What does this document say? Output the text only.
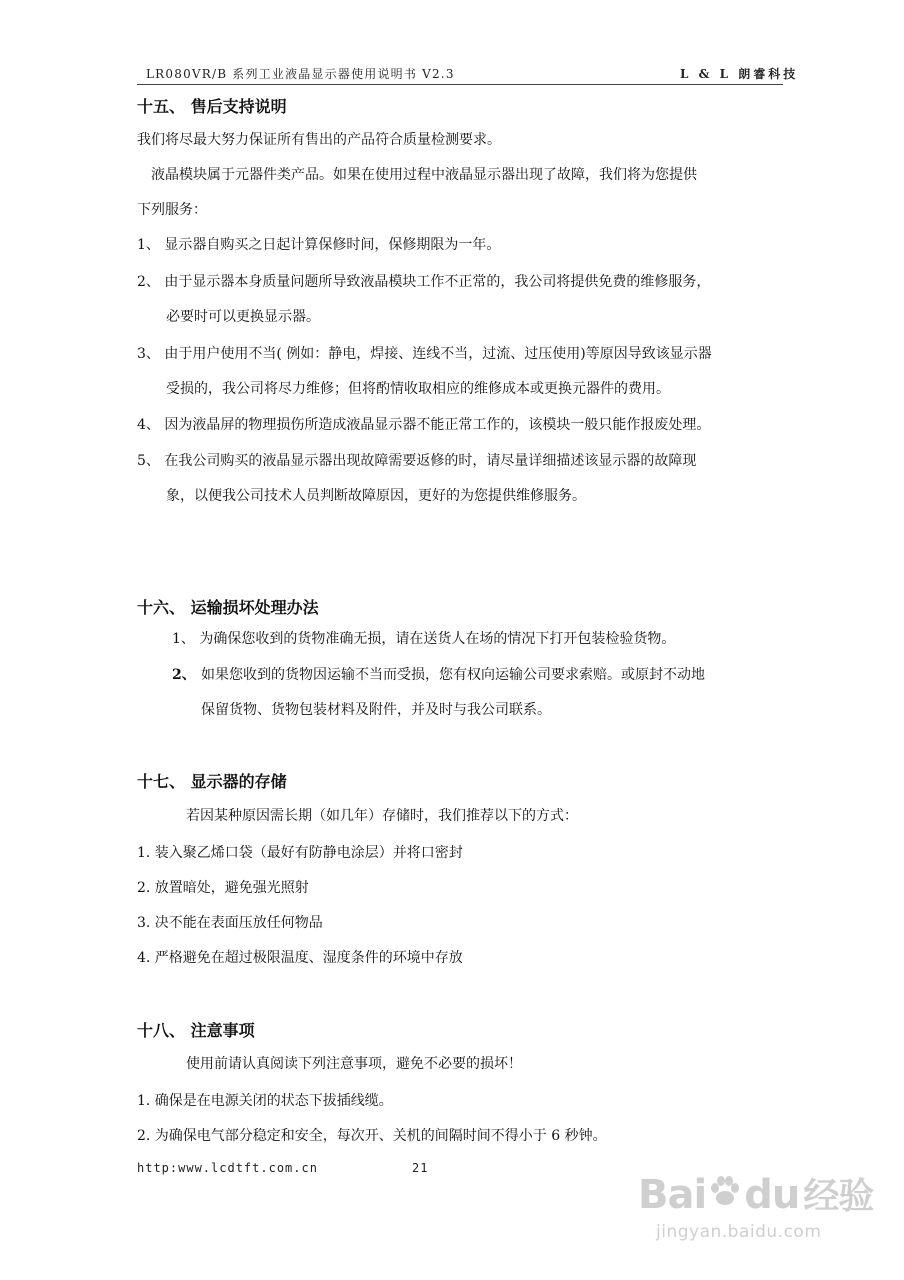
LR080VR/B 系列工业液晶显示器使用说明书 V2.3	L & L 朗睿科技
十五、 售后支持说明
我们将尽最大努力保证所有售出的产品符合质量检测要求。
液晶模块属于元器件类产品。如果在使用过程中液晶显示器出现了故障，我们将为您提供
下列服务：
1、 显示器自购买之日起计算保修时间，保修期限为一年。
2、 由于显示器本身质量问题所导致液晶模块工作不正常的，我公司将提供免费的维修服务，
必要时可以更换显示器。
3、 由于用户使用不当( 例如：静电，焊接、连线不当，过流、过压使用)等原因导致该显示器
受损的，我公司将尽力维修；但将酌情收取相应的维修成本或更换元器件的费用。
4、 因为液晶屏的物理损伤所造成液晶显示器不能正常工作的，该模块一般只能作报废处理。
5、 在我公司购买的液晶显示器出现故障需要返修的时，请尽量详细描述该显示器的故障现
象，以便我公司技术人员判断故障原因，更好的为您提供维修服务。
十六、 运输损坏处理办法
1、 为确保您收到的货物准确无损，请在送货人在场的情况下打开包装检验货物。
2、 如果您收到的货物因运输不当而受损，您有权向运输公司要求索赔。或原封不动地
保留货物、货物包装材料及附件，并及时与我公司联系。
十七、 显示器的存储
若因某种原因需长期（如几年）存储时，我们推荐以下的方式：
1. 装入聚乙烯口袋（最好有防静电涂层）并将口密封
2. 放置暗处，避免强光照射
3. 决不能在表面压放任何物品
4. 严格避免在超过极限温度、湿度条件的环境中存放
十八、 注意事项
使用前请认真阅读下列注意事项，避免不必要的损坏！
1. 确保是在电源关闭的状态下拔插线缆。
2. 为确保电气部分稳定和安全，每次开、关机的间隔时间不得小于 6 秒钟。
http:www.lcdtft.com.cn	21
Bai du 经验
jingyan.baidu.com
